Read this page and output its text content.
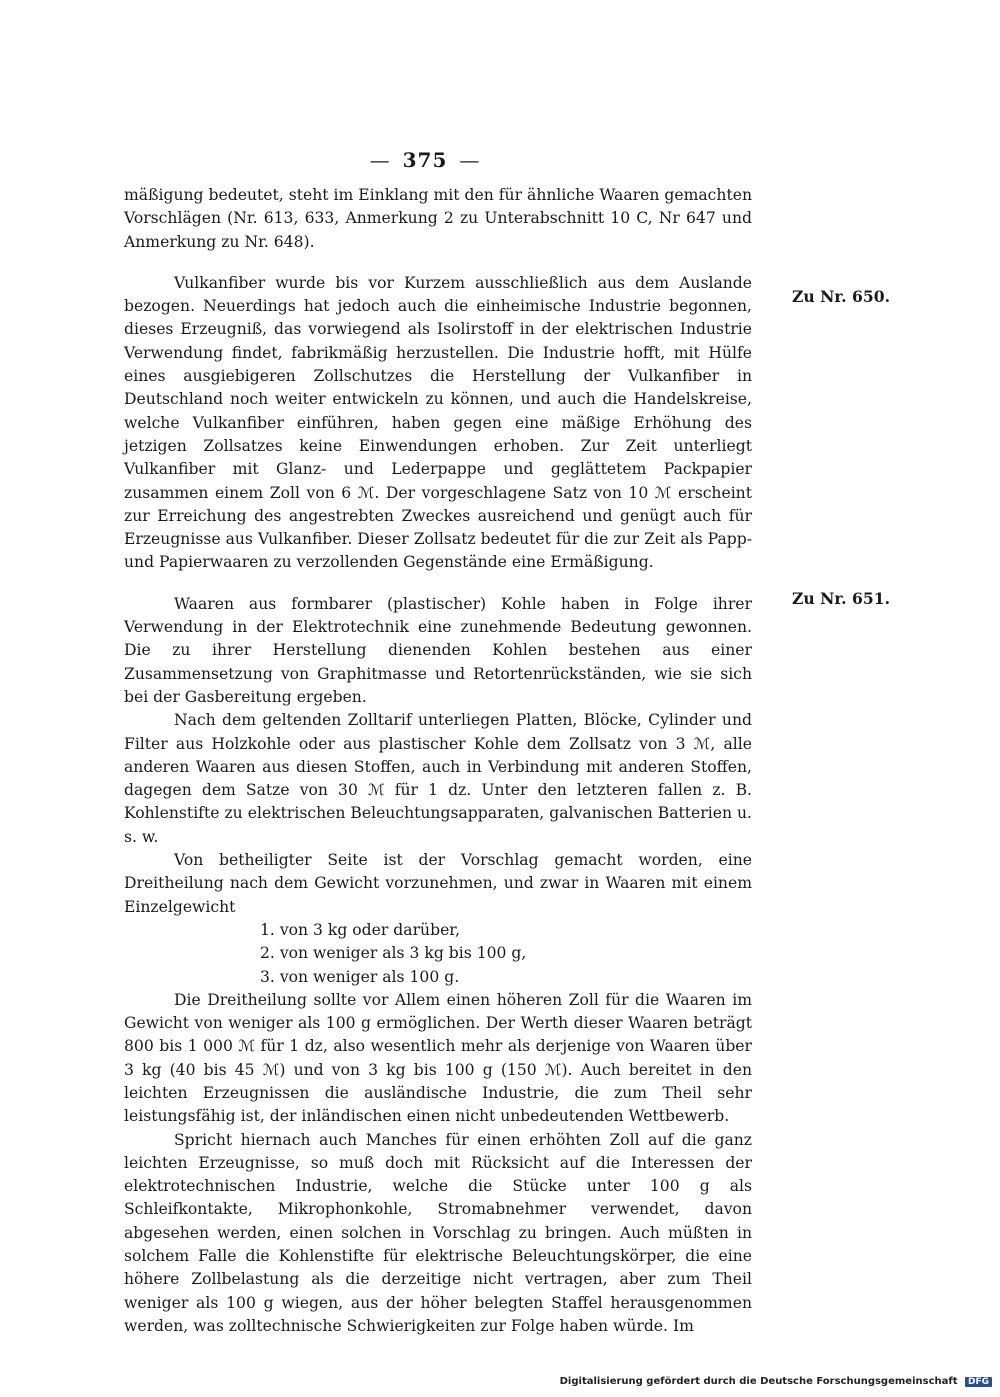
— 375 —

mäßigung bedeutet, steht im Einklang mit den für ähnliche Waaren gemachten Vorschlägen (Nr. 613, 633, Anmerkung 2 zu Unterabschnitt 10 C, Nr 647 und Anmerkung zu Nr. 648).

Vulkanfiber wurde bis vor Kurzem ausschließlich aus dem Auslande bezogen. Neuerdings hat jedoch auch die einheimische Industrie begonnen, dieses Erzeugniß, das vorwiegend als Isolirstoff in der elektrischen Industrie Verwendung findet, fabrikmäßig herzustellen. Die Industrie hofft, mit Hülfe eines ausgiebigeren Zollschutzes die Herstellung der Vulkanfiber in Deutschland noch weiter entwickeln zu können, und auch die Handelskreise, welche Vulkanfiber einführen, haben gegen eine mäßige Erhöhung des jetzigen Zollsatzes keine Einwendungen erhoben. Zur Zeit unterliegt Vulkanfiber mit Glanz- und Lederpappe und geglättetem Packpapier zusammen einem Zoll von 6 ℳ. Der vorgeschlagene Satz von 10 ℳ erscheint zur Erreichung des angestrebten Zweckes ausreichend und genügt auch für Erzeugnisse aus Vulkanfiber. Dieser Zollsatz bedeutet für die zur Zeit als Papp- und Papierwaaren zu verzollenden Gegenstände eine Ermäßigung.

Waaren aus formbarer (plastischer) Kohle haben in Folge ihrer Verwendung in der Elektrotechnik eine zunehmende Bedeutung gewonnen. Die zu ihrer Herstellung dienenden Kohlen bestehen aus einer Zusammensetzung von Graphitmasse und Retortenrückständen, wie sie sich bei der Gasbereitung ergeben.

Nach dem geltenden Zolltarif unterliegen Platten, Blöcke, Cylinder und Filter aus Holzkohle oder aus plastischer Kohle dem Zollsatz von 3 ℳ, alle anderen Waaren aus diesen Stoffen, auch in Verbindung mit anderen Stoffen, dagegen dem Satze von 30 ℳ für 1 dz. Unter den letzteren fallen z. B. Kohlenstifte zu elektrischen Beleuchtungsapparaten, galvanischen Batterien u. s. w.

Von betheiligter Seite ist der Vorschlag gemacht worden, eine Dreitheilung nach dem Gewicht vorzunehmen, und zwar in Waaren mit einem Einzelgewicht

1. von 3 kg oder darüber,
2. von weniger als 3 kg bis 100 g,
3. von weniger als 100 g.

Die Dreitheilung sollte vor Allem einen höheren Zoll für die Waaren im Gewicht von weniger als 100 g ermöglichen. Der Werth dieser Waaren beträgt 800 bis 1 000 ℳ für 1 dz, also wesentlich mehr als derjenige von Waaren über 3 kg (40 bis 45 ℳ) und von 3 kg bis 100 g (150 ℳ). Auch bereitet in den leichten Erzeugnissen die ausländische Industrie, die zum Theil sehr leistungsfähig ist, der inländischen einen nicht unbedeutenden Wettbewerb.

Spricht hiernach auch Manches für einen erhöhten Zoll auf die ganz leichten Erzeugnisse, so muß doch mit Rücksicht auf die Interessen der elektrotechnischen Industrie, welche die Stücke unter 100 g als Schleifkontakte, Mikrophonkohle, Stromabnehmer verwendet, davon abgesehen werden, einen solchen in Vorschlag zu bringen. Auch müßten in solchem Falle die Kohlenstifte für elektrische Beleuchtungskörper, die eine höhere Zollbelastung als die derzeitige nicht vertragen, aber zum Theil weniger als 100 g wiegen, aus der höher belegten Staffel herausgenommen werden, was zolltechnische Schwierigkeiten zur Folge haben würde. Im

Zu Nr. 650.
Zu Nr. 651.
Digitalisierung gefördert durch die Deutsche Forschungsgemeinschaft DFG
